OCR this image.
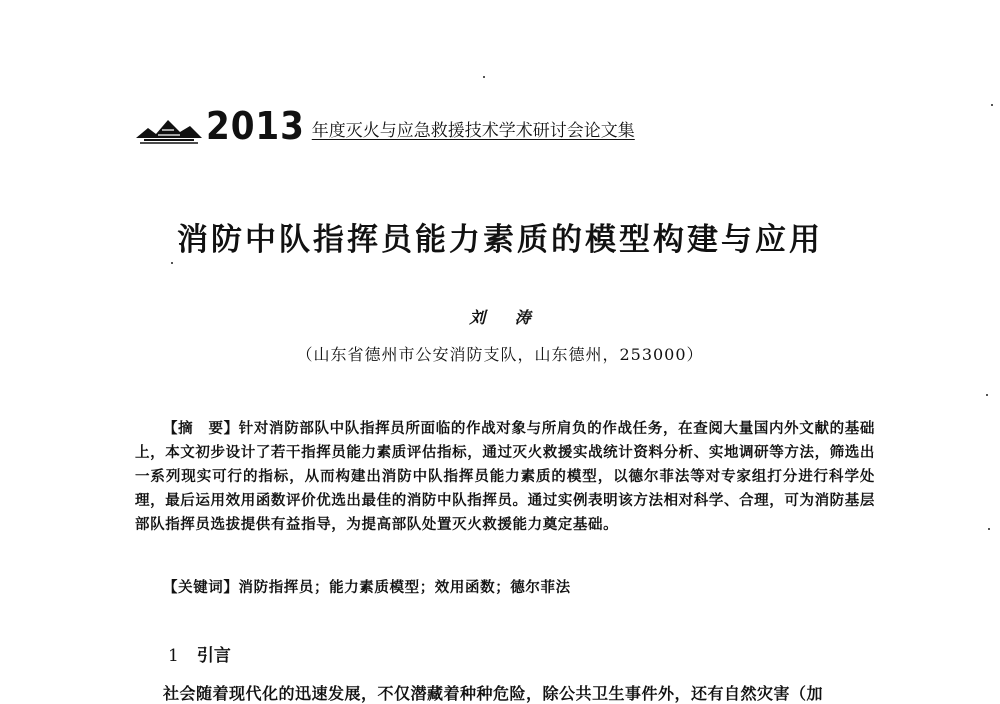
2013 年度灭火与应急救援技术学术研讨会论文集
消防中队指挥员能力素质的模型构建与应用
刘 涛
（山东省德州市公安消防支队，山东德州，253000）

【摘　要】针对消防部队中队指挥员所面临的作战对象与所肩负的作战任务，在查阅大量国内外文献的基础上，本文初步设计了若干指挥员能力素质评估指标，通过灭火救援实战统计资料分析、实地调研等方法，筛选出一系列现实可行的指标，从而构建出消防中队指挥员能力素质的模型，以德尔菲法等对专家组打分进行科学处理，最后运用效用函数评价优选出最佳的消防中队指挥员。通过实例表明该方法相对科学、合理，可为消防基层部队指挥员选拔提供有益指导，为提高部队处置灭火救援能力奠定基础。

【关键词】消防指挥员；能力素质模型；效用函数；德尔菲法
1 引言
社会随着现代化的迅速发展，不仅潜藏着种种危险，除公共卫生事件外，还有自然灾害（加
